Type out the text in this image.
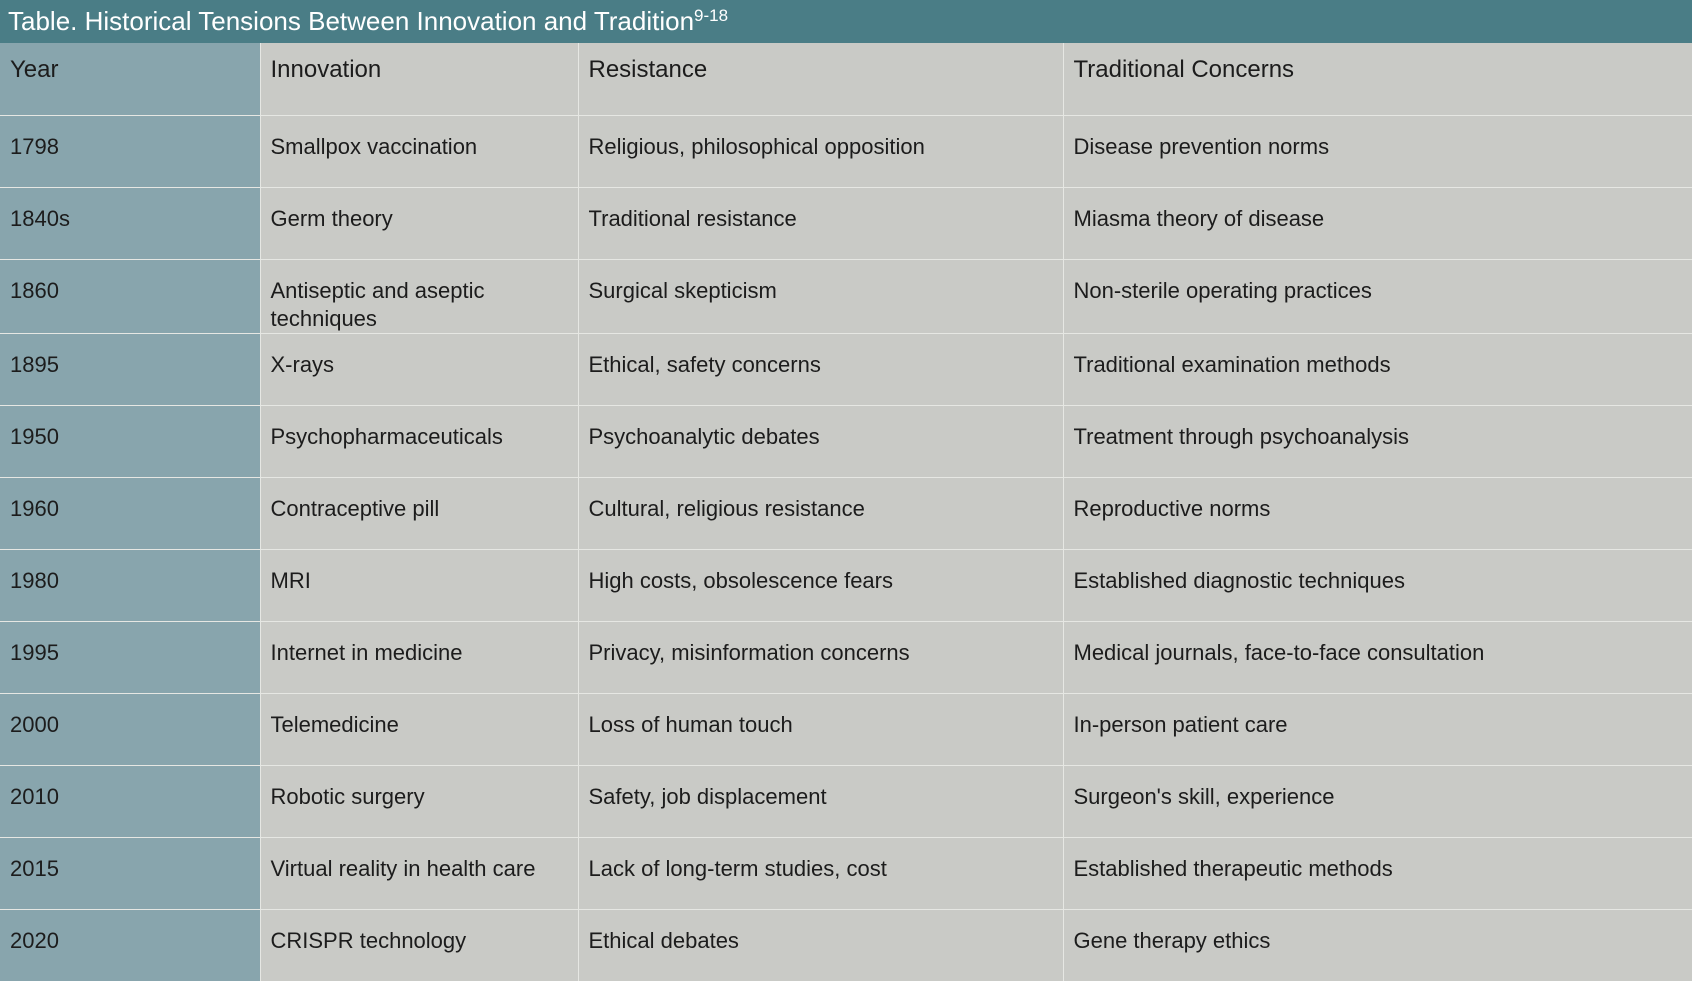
Table. Historical Tensions Between Innovation and Tradition$^{9-18}$
Year	Innovation	Resistance	Traditional Concerns
1798	Smallpox vaccination	Religious, philosophical opposition	Disease prevention norms
1840s	Germ theory	Traditional resistance	Miasma theory of disease
1860	Antiseptic and aseptic techniques	Surgical skepticism	Non-sterile operating practices
1895	X-rays	Ethical, safety concerns	Traditional examination methods
1950	Psychopharmaceuticals	Psychoanalytic debates	Treatment through psychoanalysis
1960	Contraceptive pill	Cultural, religious resistance	Reproductive norms
1980	MRI	High costs, obsolescence fears	Established diagnostic techniques
1995	Internet in medicine	Privacy, misinformation concerns	Medical journals, face-to-face consultation
2000	Telemedicine	Loss of human touch	In-person patient care
2010	Robotic surgery	Safety, job displacement	Surgeon's skill, experience
2015	Virtual reality in health care	Lack of long-term studies, cost	Established therapeutic methods
2020	CRISPR technology	Ethical debates	Gene therapy ethics
